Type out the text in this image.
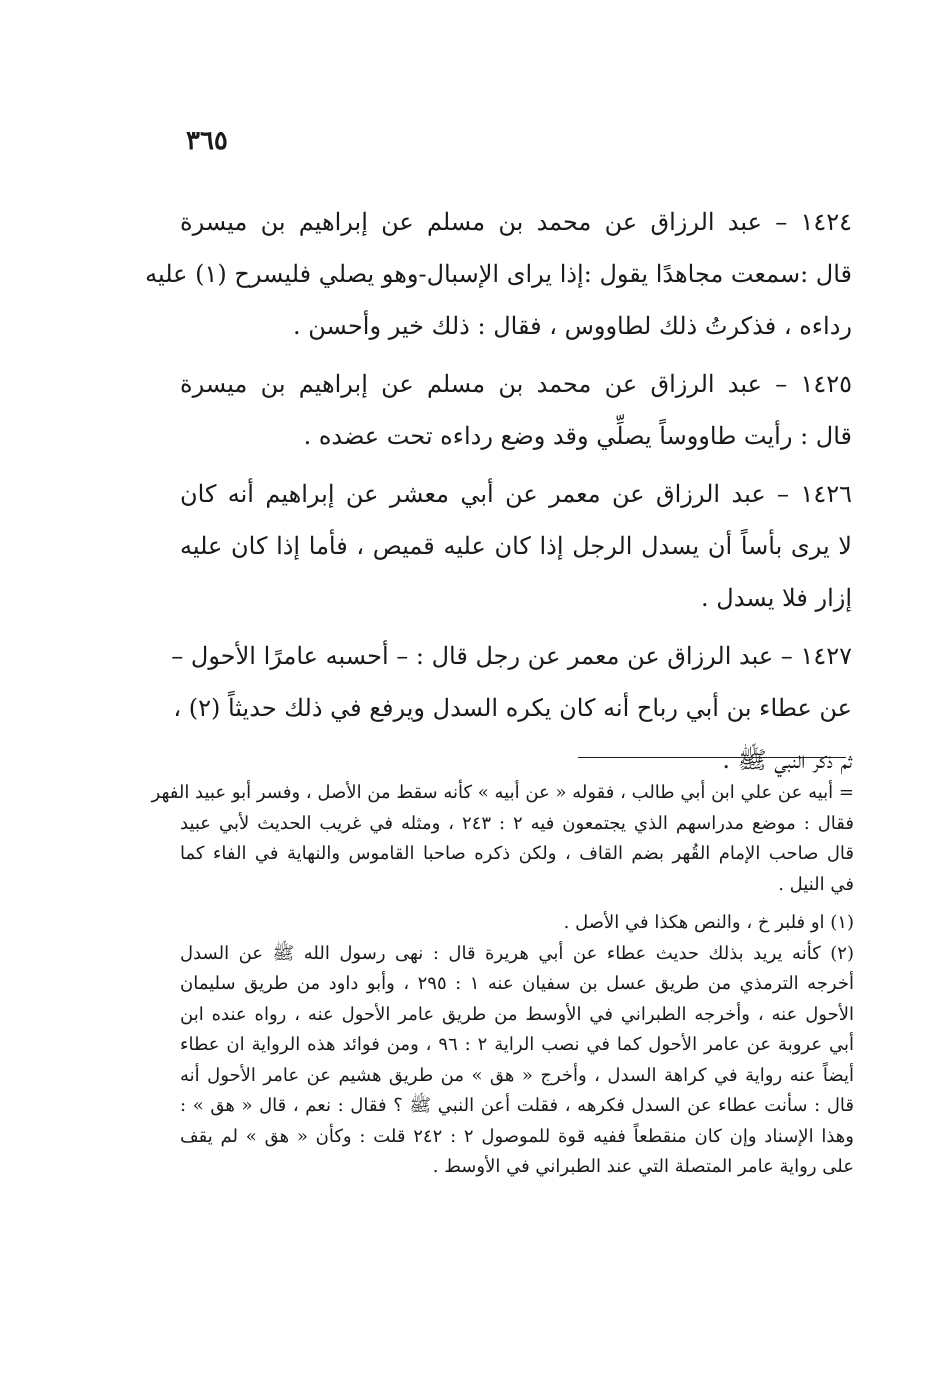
٣٦٥
١٤٢٤ – عبد الرزاق عن محمد بن مسلم عن إبراهيم بن ميسرة
قال :سمعت مجاهدًا يقول :إذا يراى الإسبال-وهو يصلي فليسرح (١) عليه
رداءه ، فذكرتُ ذلك لطاووس ، فقال : ذلك خير وأحسن .
١٤٢٥ – عبد الرزاق عن محمد بن مسلم عن إبراهيم بن ميسرة
قال : رأيت طاووساً يصلِّي وقد وضع رداءه تحت عضده .
١٤٢٦ – عبد الرزاق عن معمر عن أبي معشر عن إبراهيم أنه كان
لا يرى بأساً أن يسدل الرجل إذا كان عليه قميص ، فأما إذا كان عليه
إزار فلا يسدل .
١٤٢٧ – عبد الرزاق عن معمر عن رجل قال : – أحسبه عامرًا الأحول –
عن عطاء بن أبي رباح أنه كان يكره السدل ويرفع في ذلك حديثاً (٢) ،
ثم ذكر النبي ﷺ .
= أبيه عن علي ابن أبي طالب ، فقوله « عن أبيه » كأنه سقط من الأصل ، وفسر أبو عبيد الفهر
فقال : موضع مدراسهم الذي يجتمعون فيه ٢ : ٢٤٣ ، ومثله في غريب الحديث لأبي عبيد
قال صاحب الإمام القُهر بضم القاف ، ولكن ذكره صاحبا القاموس والنهاية في الفاء كما
في النيل .
(١) او فلبر خ ، والنص هكذا في الأصل .
(٢) كأنه يريد بذلك حديث عطاء عن أبي هريرة قال : نهى رسول الله ﷺ عن السدل
أخرجه الترمذي من طريق عسل بن سفيان عنه ١ : ٢٩٥ ، وأبو داود من طريق سليمان
الأحول عنه ، وأخرجه الطبراني في الأوسط من طريق عامر الأحول عنه ، رواه عنده ابن
أبي عروبة عن عامر الأحول كما في نصب الراية ٢ : ٩٦ ، ومن فوائد هذه الرواية ان عطاء
أيضاً عنه رواية في كراهة السدل ، وأخرج « هق » من طريق هشيم عن عامر الأحول أنه
قال : سأنت عطاء عن السدل فكرهه ، فقلت أعن النبي ﷺ ؟ فقال : نعم ، قال « هق » :
وهذا الإسناد وإن كان منقطعاً ففيه قوة للموصول ٢ : ٢٤٢ قلت : وكأن « هق » لم يقف
على رواية عامر المتصلة التي عند الطبراني في الأوسط .
